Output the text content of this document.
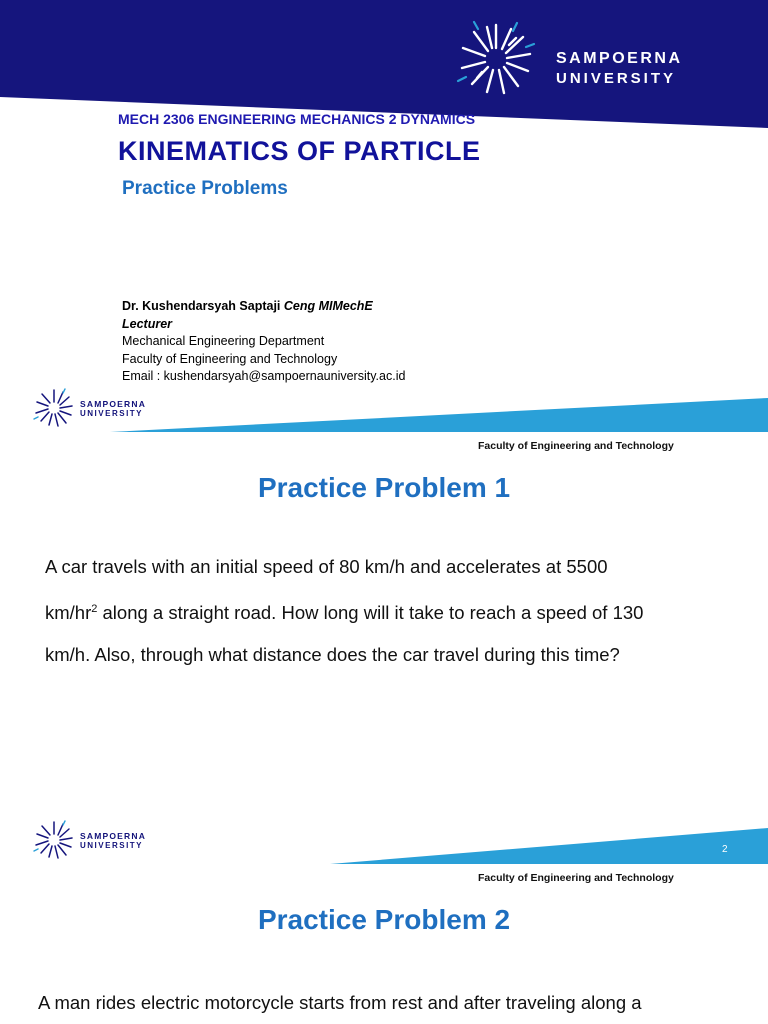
SAMPOERNA
UNIVERSITY
MECH 2306 ENGINEERING MECHANICS 2 DYNAMICS
KINEMATICS OF PARTICLE
Practice Problems
Dr. Kushendarsyah Saptaji Ceng MIMechE
Lecturer
Mechanical Engineering Department
Faculty of Engineering and Technology
Email : kushendarsyah@sampoernauniversity.ac.id
SAMPOERNA
UNIVERSITY
Faculty of Engineering and Technology
Practice Problem 1
A car travels with an initial speed of 80 km/h and accelerates at 5500
$km/hr^2$ along a straight road. How long will it take to reach a speed of 130
km/h. Also, through what distance does the car travel during this time?
SAMPOERNA
UNIVERSITY	2
Faculty of Engineering and Technology
Practice Problem 2
A man rides electric motorcycle starts from rest and after traveling along a
